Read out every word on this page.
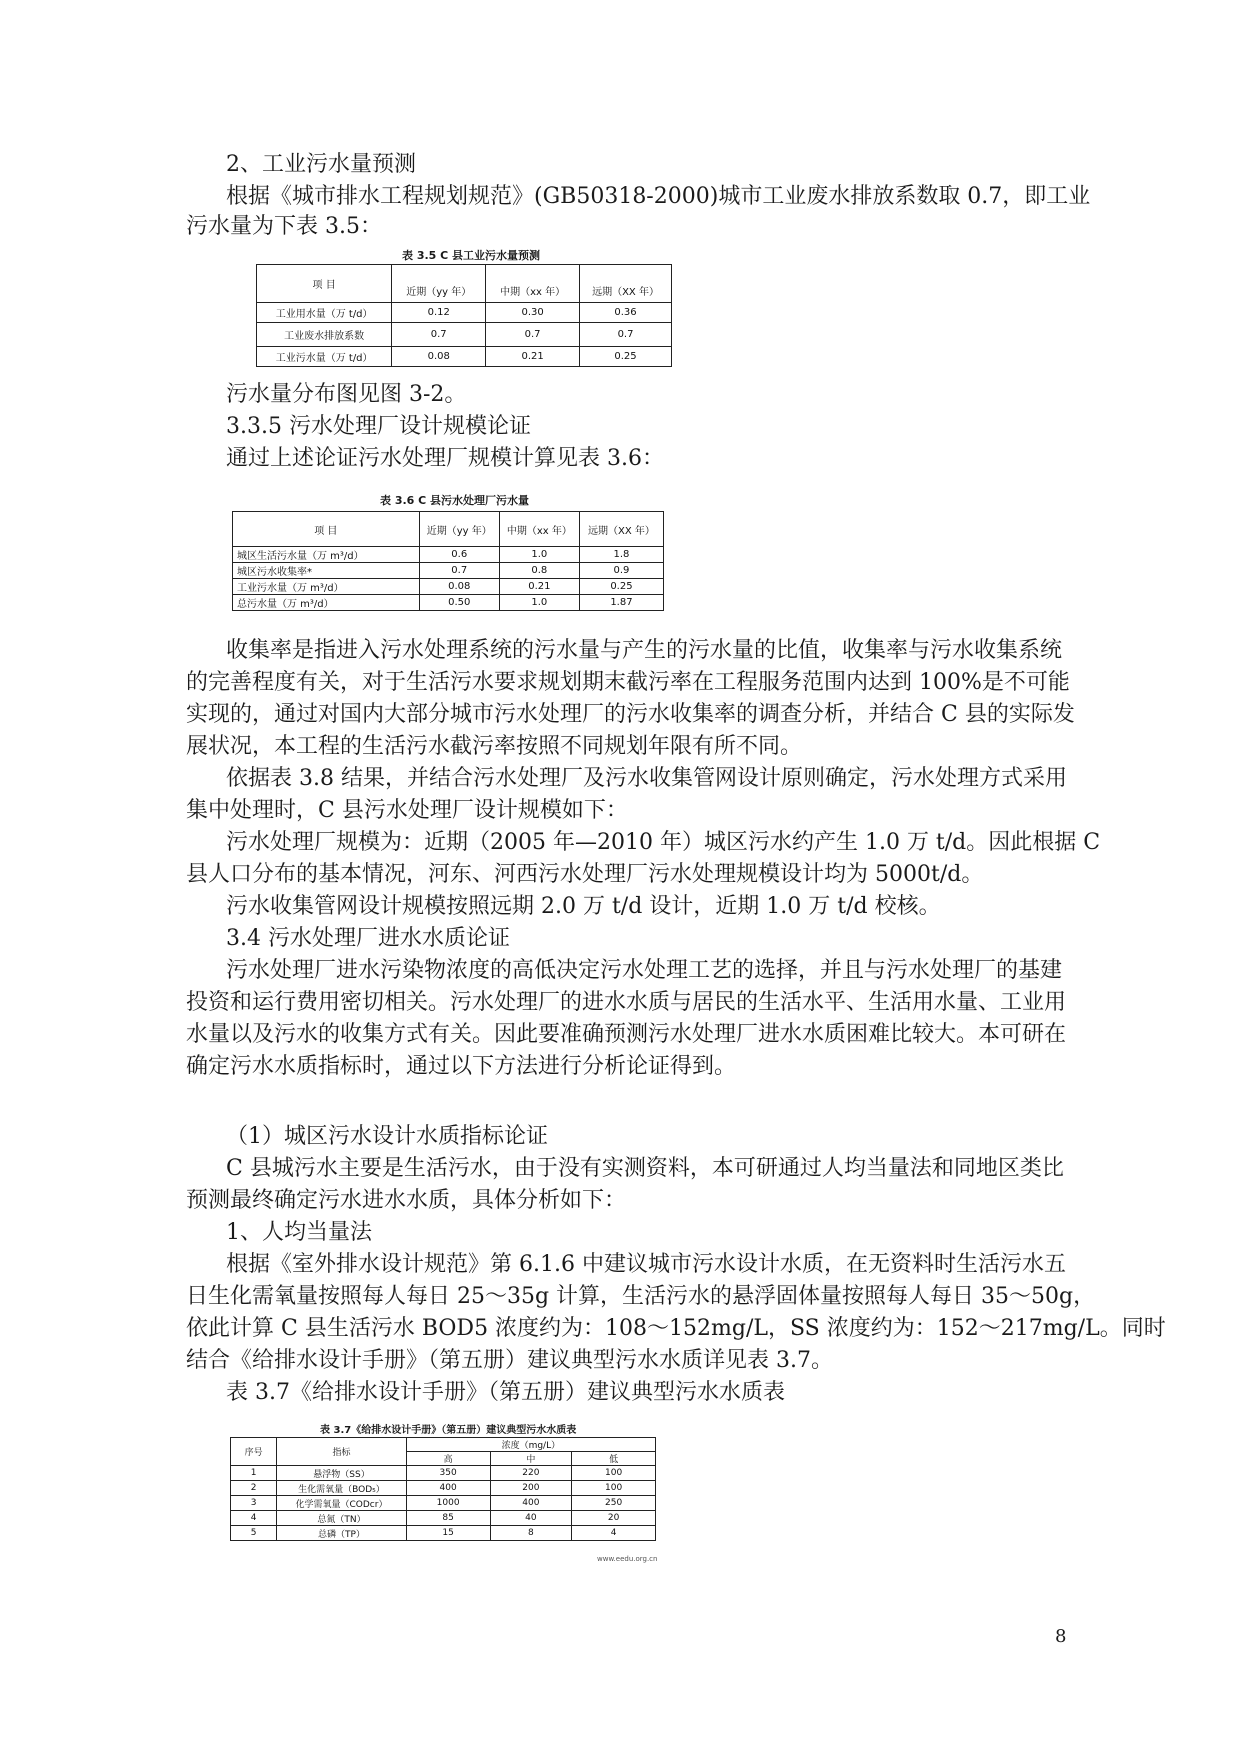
2、工业污水量预测
根据《城市排水工程规划规范》(GB50318-2000)城市工业废水排放系数取 0.7，即工业
污水量为下表 3.5：
表 3.5 C 县工业污水量预测
项 目	近期（yy 年）	中期（xx 年）	远期（XX 年）
工业用水量（万 t/d）	0.12	0.30	0.36
工业废水排放系数	0.7	0.7	0.7
工业污水量（万 t/d）	0.08	0.21	0.25
污水量分布图见图 3-2。
3.3.5 污水处理厂设计规模论证
通过上述论证污水处理厂规模计算见表 3.6：
表 3.6 C 县污水处理厂污水量
项 目	近期（yy 年）	中期（xx 年）	远期（XX 年）
城区生活污水量（万 m³/d）	0.6	1.0	1.8
城区污水收集率*	0.7	0.8	0.9
工业污水量（万 m³/d）	0.08	0.21	0.25
总污水量（万 m³/d）	0.50	1.0	1.87
收集率是指进入污水处理系统的污水量与产生的污水量的比值，收集率与污水收集系统
的完善程度有关，对于生活污水要求规划期末截污率在工程服务范围内达到 100%是不可能
实现的，通过对国内大部分城市污水处理厂的污水收集率的调查分析，并结合 C 县的实际发
展状况，本工程的生活污水截污率按照不同规划年限有所不同。
依据表 3.8 结果，并结合污水处理厂及污水收集管网设计原则确定，污水处理方式采用
集中处理时，C 县污水处理厂设计规模如下：
污水处理厂规模为：近期（2005 年—2010 年）城区污水约产生 1.0 万 t/d。因此根据 C
县人口分布的基本情况，河东、河西污水处理厂污水处理规模设计均为 5000t/d。
污水收集管网设计规模按照远期 2.0 万 t/d 设计，近期 1.0 万 t/d 校核。
3.4 污水处理厂进水水质论证
污水处理厂进水污染物浓度的高低决定污水处理工艺的选择，并且与污水处理厂的基建
投资和运行费用密切相关。污水处理厂的进水水质与居民的生活水平、生活用水量、工业用
水量以及污水的收集方式有关。因此要准确预测污水处理厂进水水质困难比较大。本可研在
确定污水水质指标时，通过以下方法进行分析论证得到。
（1）城区污水设计水质指标论证
C 县城污水主要是生活污水，由于没有实测资料，本可研通过人均当量法和同地区类比
预测最终确定污水进水水质，具体分析如下：
1、人均当量法
根据《室外排水设计规范》第 6.1.6 中建议城市污水设计水质，在无资料时生活污水五
日生化需氧量按照每人每日 25～35g 计算，生活污水的悬浮固体量按照每人每日 35～50g，
依此计算 C 县生活污水 BOD5 浓度约为：108～152mg/L，SS 浓度约为：152～217mg/L。同时
结合《给排水设计手册》（第五册）建议典型污水水质详见表 3.7。
表 3.7《给排水设计手册》（第五册）建议典型污水水质表
表 3.7《给排水设计手册》（第五册）建议典型污水水质表
序号	指标	浓度（mg/L）		
		高	中	低
1	悬浮物（SS）	350	220	100
2	生化需氧量（BOD₅）	400	200	100
3	化学需氧量（CODcr）	1000	400	250
4	总氮（TN）	85	40	20
5	总磷（TP）	15	8	4
www.eedu.org.cn
8
